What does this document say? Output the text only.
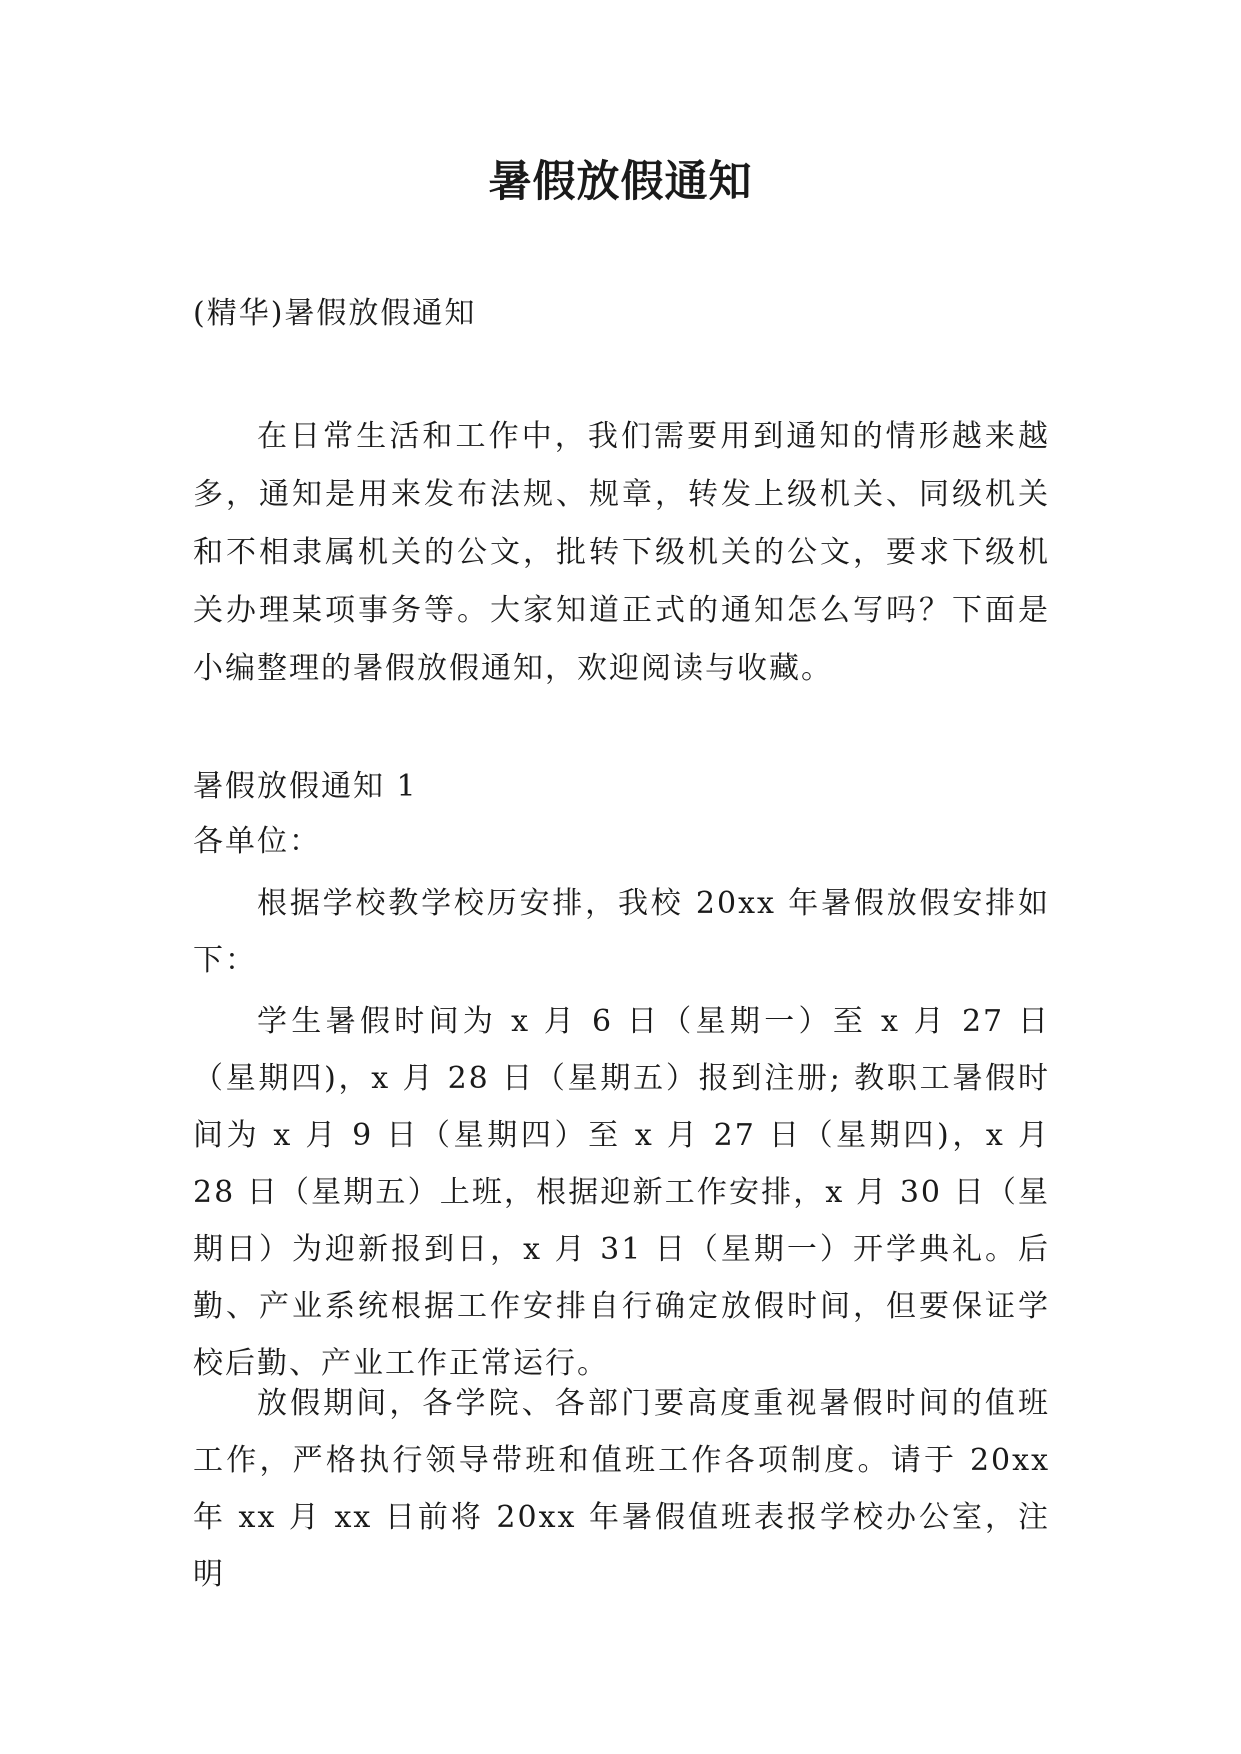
暑假放假通知

(精华)暑假放假通知

在日常生活和工作中，我们需要用到通知的情形越来越多，通知是用来发布法规、规章，转发上级机关、同级机关和不相隶属机关的公文，批转下级机关的公文，要求下级机关办理某项事务等。大家知道正式的通知怎么写吗？下面是小编整理的暑假放假通知，欢迎阅读与收藏。

暑假放假通知 1

各单位：

根据学校教学校历安排，我校 20xx 年暑假放假安排如下：

学生暑假时间为 x 月 6 日（星期一）至 x 月 27 日（星期四)，x 月 28 日（星期五）报到注册; 教职工暑假时间为 x 月 9 日（星期四）至 x 月 27 日（星期四)，x 月 28 日（星期五）上班，根据迎新工作安排，x 月 30 日（星期日）为迎新报到日，x 月 31 日（星期一）开学典礼。后勤、产业系统根据工作安排自行确定放假时间，但要保证学校后勤、产业工作正常运行。

放假期间，各学院、各部门要高度重视暑假时间的值班工作，严格执行领导带班和值班工作各项制度。请于 20xx 年 xx 月 xx 日前将 20xx 年暑假值班表报学校办公室，注明
